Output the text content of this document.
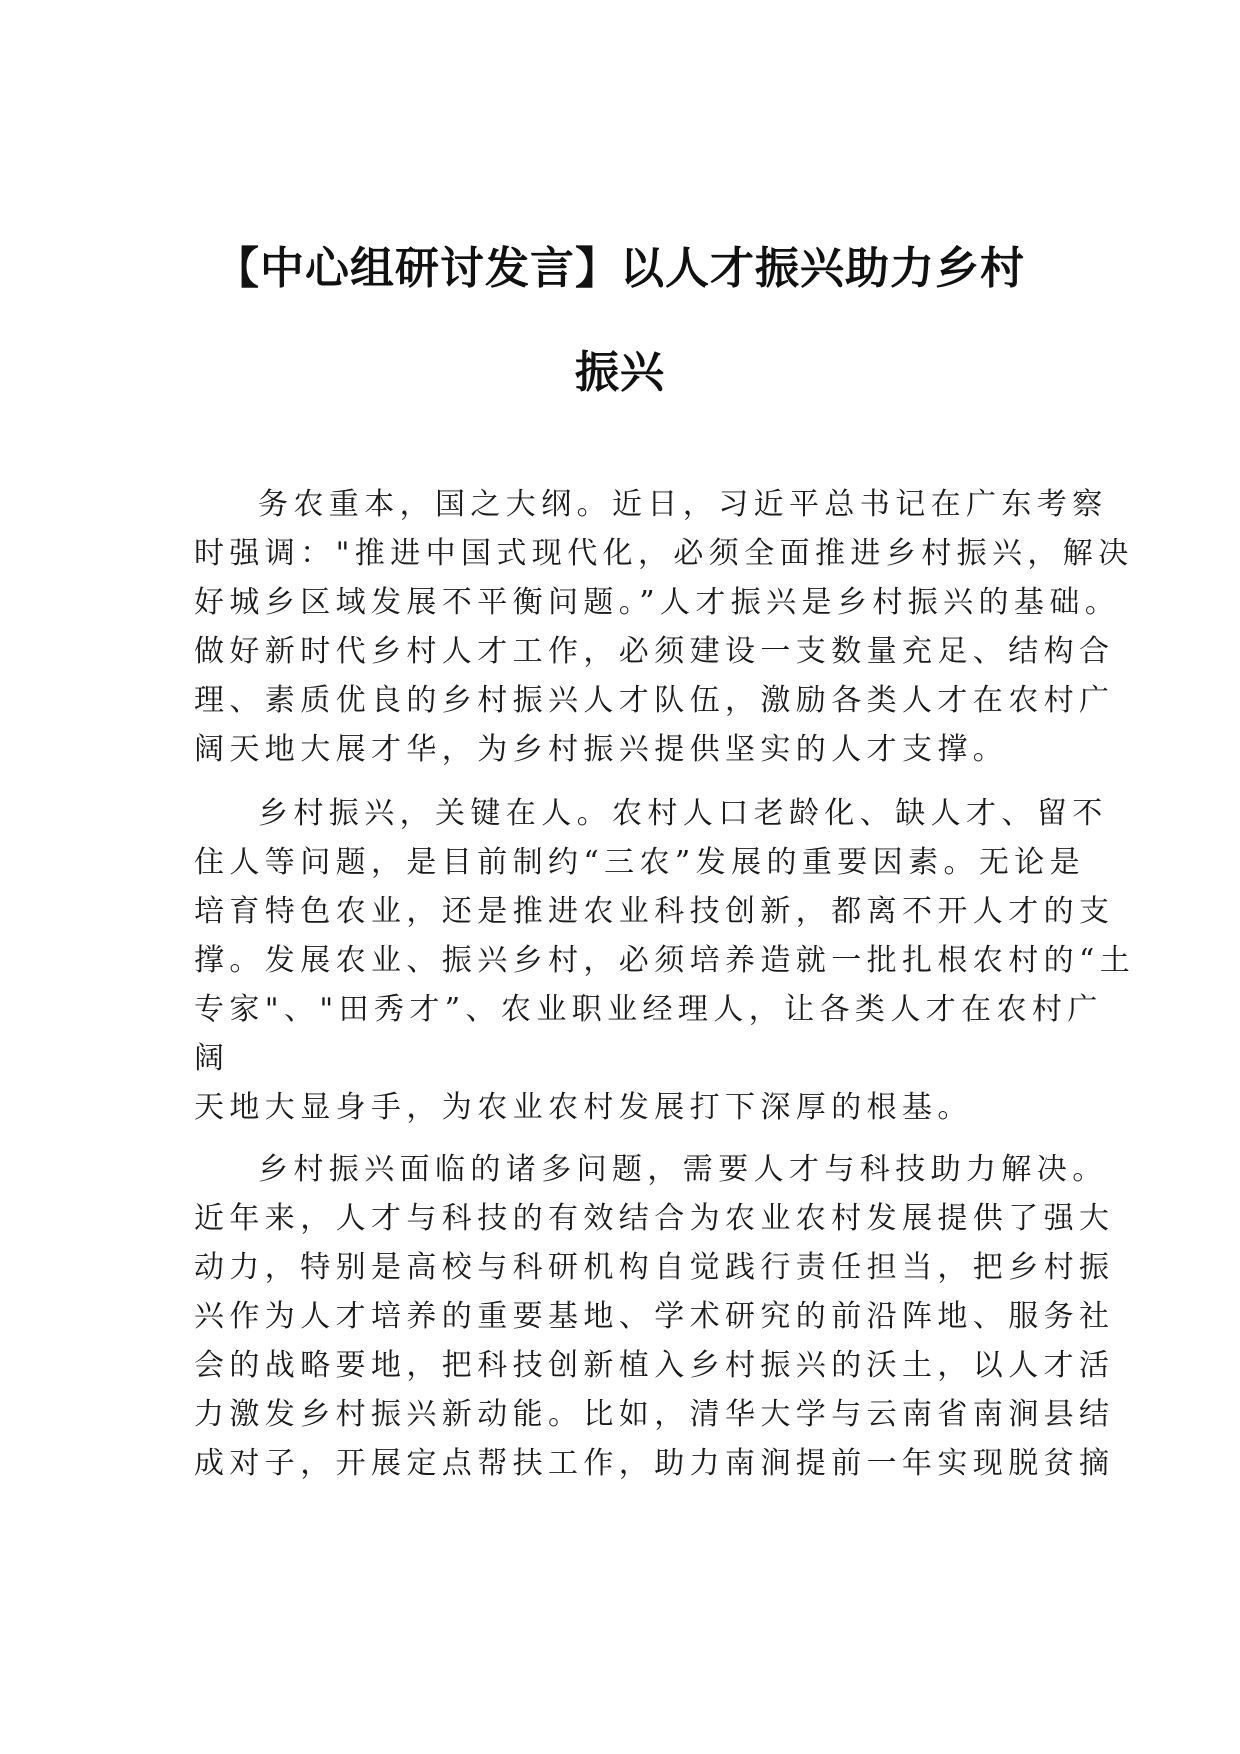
【中心组研讨发言】以人才振兴助力乡村
振兴
务农重本，国之大纲。近日，习近平总书记在广东考察
时强调："推进中国式现代化，必须全面推进乡村振兴，解决
好城乡区域发展不平衡问题。”人才振兴是乡村振兴的基础。
做好新时代乡村人才工作，必须建设一支数量充足、结构合
理、素质优良的乡村振兴人才队伍，激励各类人才在农村广
阔天地大展才华，为乡村振兴提供坚实的人才支撑。
乡村振兴，关键在人。农村人口老龄化、缺人才、留不
住人等问题，是目前制约“三农”发展的重要因素。无论是
培育特色农业，还是推进农业科技创新，都离不开人才的支
撑。发展农业、振兴乡村，必须培养造就一批扎根农村的“土
专家"、"田秀才”、农业职业经理人，让各类人才在农村广
阔
天地大显身手，为农业农村发展打下深厚的根基。
乡村振兴面临的诸多问题，需要人才与科技助力解决。
近年来，人才与科技的有效结合为农业农村发展提供了强大
动力，特别是高校与科研机构自觉践行责任担当，把乡村振
兴作为人才培养的重要基地、学术研究的前沿阵地、服务社
会的战略要地，把科技创新植入乡村振兴的沃土，以人才活
力激发乡村振兴新动能。比如，清华大学与云南省南涧县结
成对子，开展定点帮扶工作，助力南涧提前一年实现脱贫摘
